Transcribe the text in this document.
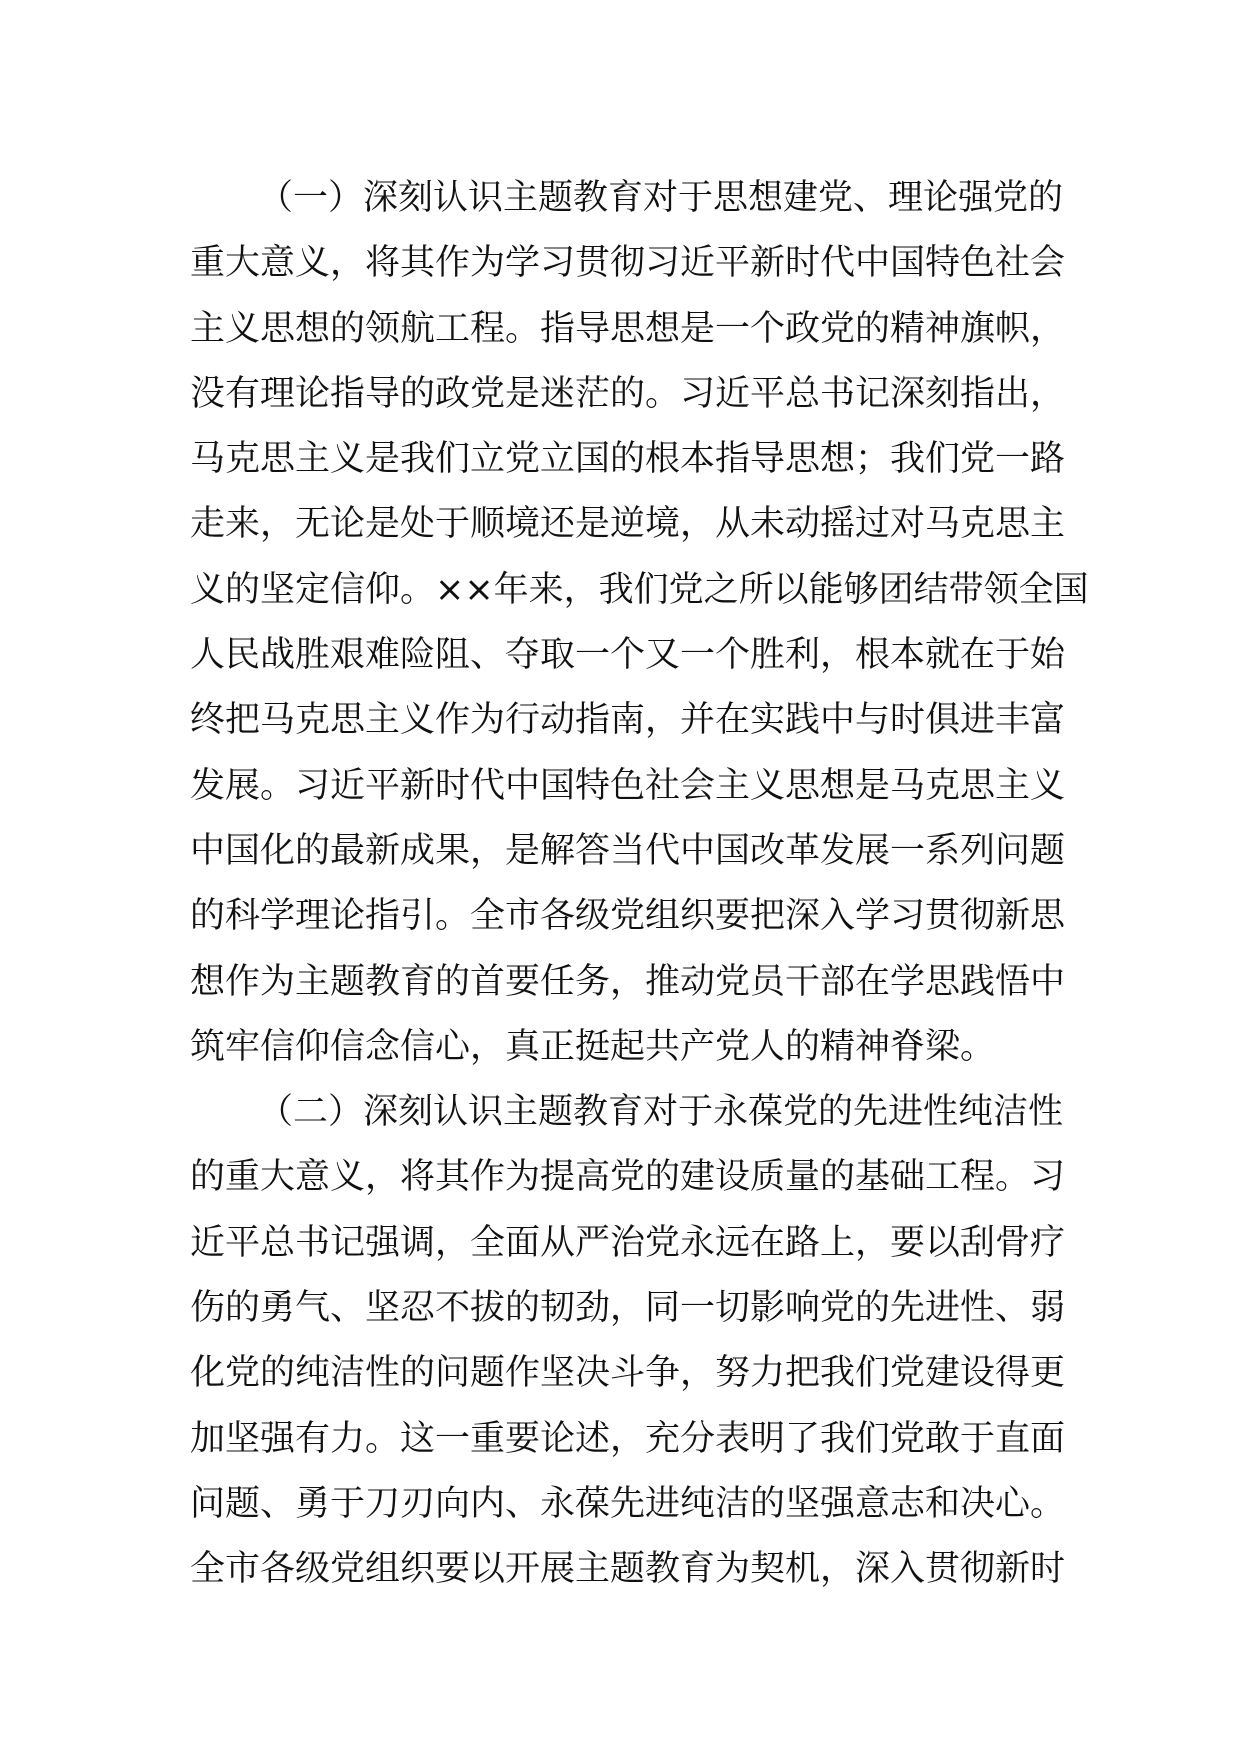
（一）深刻认识主题教育对于思想建党、理论强党的
重大意义，将其作为学习贯彻习近平新时代中国特色社会
主义思想的领航工程。指导思想是一个政党的精神旗帜，
没有理论指导的政党是迷茫的。习近平总书记深刻指出，
马克思主义是我们立党立国的根本指导思想；我们党一路
走来，无论是处于顺境还是逆境，从未动摇过对马克思主
义的坚定信仰。××年来，我们党之所以能够团结带领全国
人民战胜艰难险阻、夺取一个又一个胜利，根本就在于始
终把马克思主义作为行动指南，并在实践中与时俱进丰富
发展。习近平新时代中国特色社会主义思想是马克思主义
中国化的最新成果，是解答当代中国改革发展一系列问题
的科学理论指引。全市各级党组织要把深入学习贯彻新思
想作为主题教育的首要任务，推动党员干部在学思践悟中
筑牢信仰信念信心，真正挺起共产党人的精神脊梁。
（二）深刻认识主题教育对于永葆党的先进性纯洁性
的重大意义，将其作为提高党的建设质量的基础工程。习
近平总书记强调，全面从严治党永远在路上，要以刮骨疗
伤的勇气、坚忍不拔的韧劲，同一切影响党的先进性、弱
化党的纯洁性的问题作坚决斗争，努力把我们党建设得更
加坚强有力。这一重要论述，充分表明了我们党敢于直面
问题、勇于刀刃向内、永葆先进纯洁的坚强意志和决心。
全市各级党组织要以开展主题教育为契机，深入贯彻新时
